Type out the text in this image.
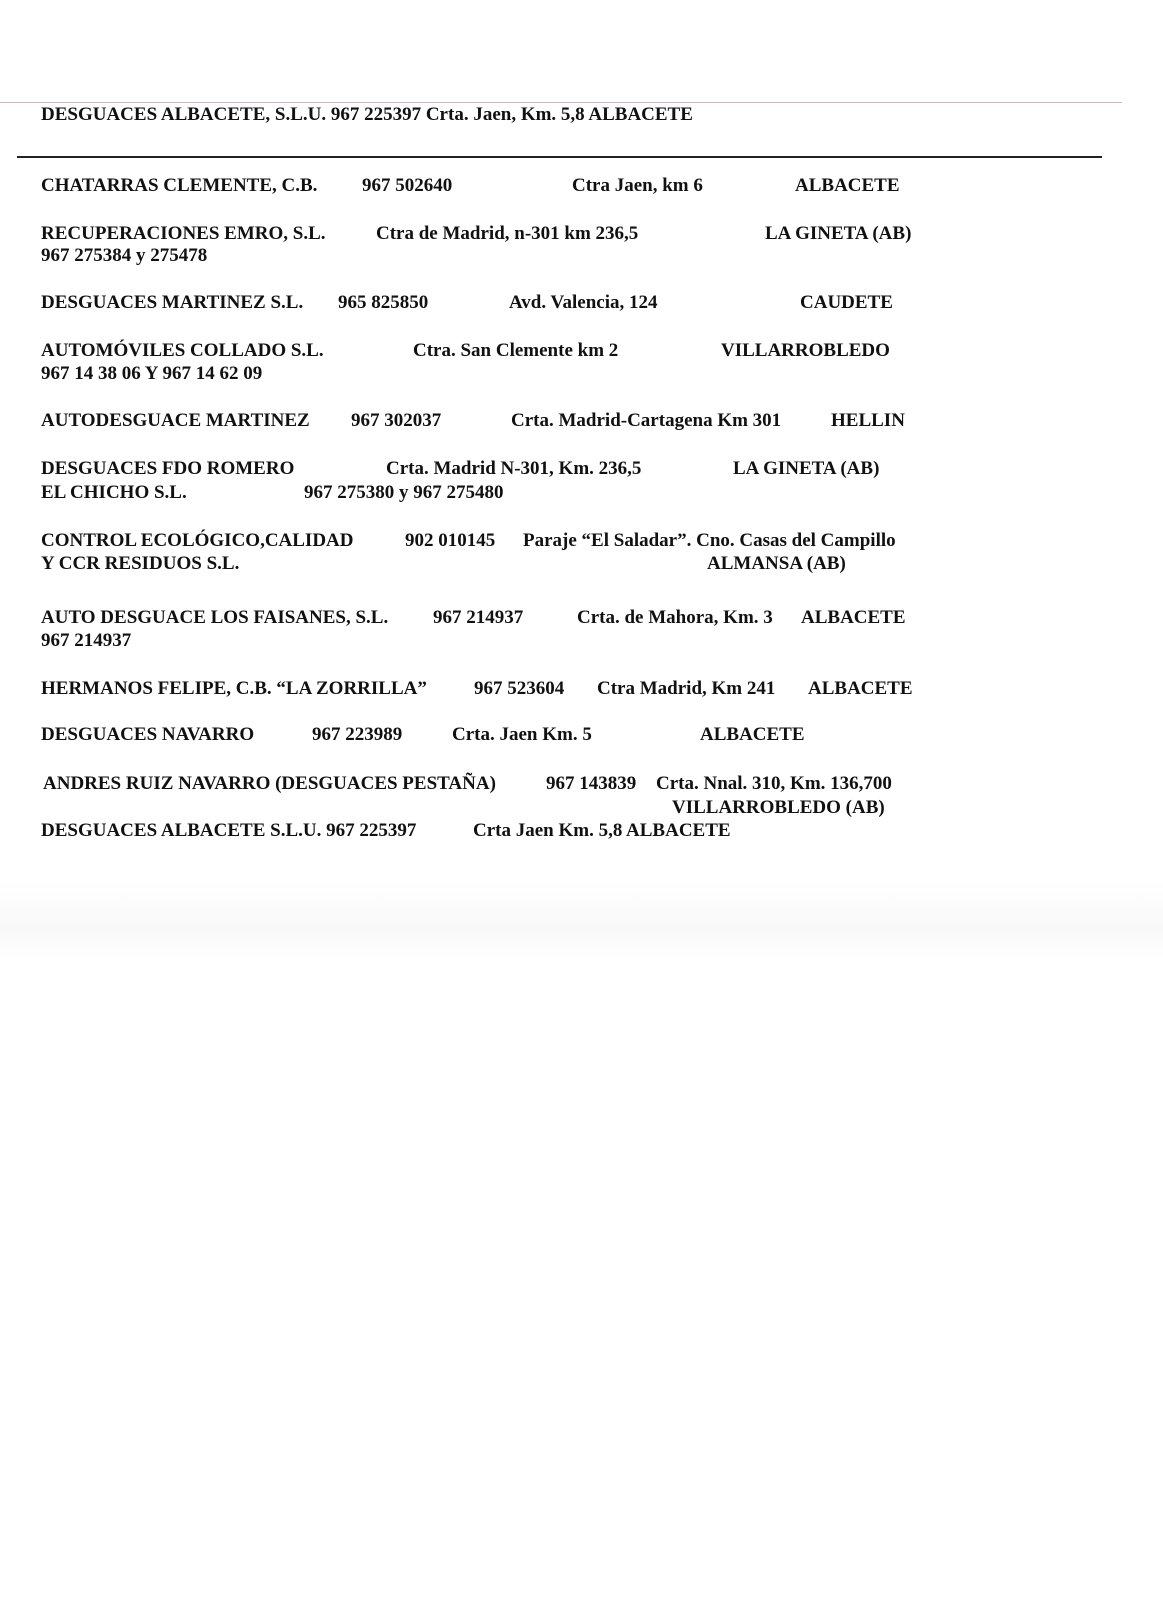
DESGUACES ALBACETE, S.L.U. 967 225397 Crta. Jaen, Km. 5,8 ALBACETE
CHATARRAS CLEMENTE, C.B. 967 502640	Ctra Jaen, km 6	ALBACETE
RECUPERACIONES EMRO, S.L.	Ctra de Madrid, n-301 km 236,5	LA GINETA (AB)
967 275384 y 275478
DESGUACES MARTINEZ S.L. 965 825850	Avd. Valencia, 124	CAUDETE
AUTOMÓVILES COLLADO S.L.	Ctra. San Clemente km 2	VILLARROBLEDO
967 14 38 06 Y 967 14 62 09
AUTODESGUACE MARTINEZ 967 302037	Crta. Madrid-Cartagena Km 301	HELLIN
DESGUACES FDO ROMERO	Crta. Madrid N-301, Km. 236,5	LA GINETA (AB)
EL CHICHO S.L.	967 275380 y 967 275480
CONTROL ECOLÓGICO,CALIDAD	902 010145 Paraje “El Saladar”. Cno. Casas del Campillo
Y CCR RESIDUOS S.L.	ALMANSA (AB)
AUTO DESGUACE LOS FAISANES, S.L. 967 214937	Crta. de Mahora, Km. 3 ALBACETE
967 214937
HERMANOS FELIPE, C.B. “LA ZORRILLA” 967 523604 Ctra Madrid, Km 241 ALBACETE
DESGUACES NAVARRO	967 223989	Crta. Jaen Km. 5	ALBACETE
ANDRES RUIZ NAVARRO (DESGUACES PESTAÑA)	967 143839 Crta. Nnal. 310, Km. 136,700
VILLARROBLEDO (AB)
DESGUACES ALBACETE S.L.U. 967 225397	Crta Jaen Km. 5,8 ALBACETE
